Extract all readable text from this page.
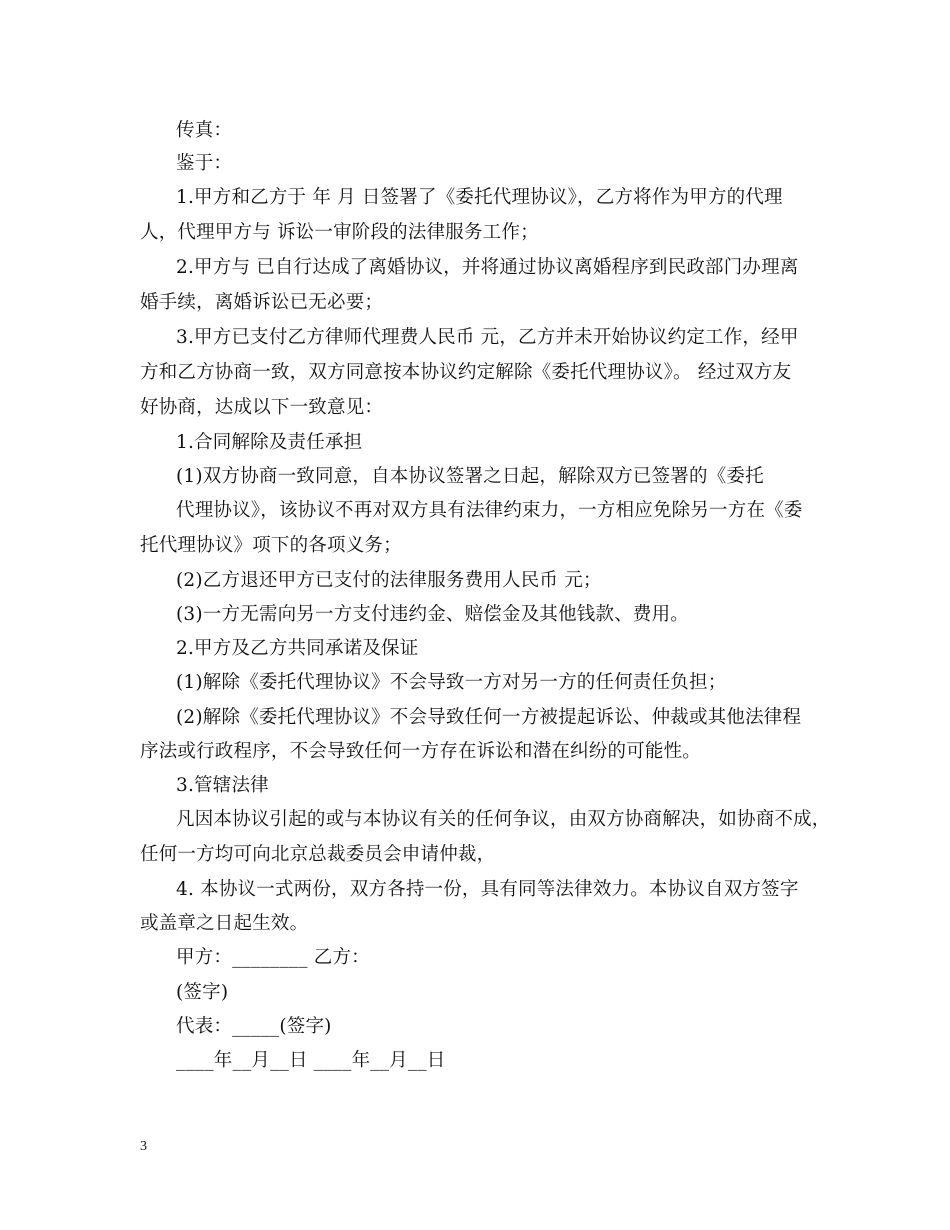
传真：
鉴于：
1.甲方和乙方于 年 月 日签署了《委托代理协议》，乙方将作为甲方的代理
人，代理甲方与 诉讼一审阶段的法律服务工作；
2.甲方与 已自行达成了离婚协议，并将通过协议离婚程序到民政部门办理离
婚手续，离婚诉讼已无必要；
3.甲方已支付乙方律师代理费人民币 元，乙方并未开始协议约定工作，经甲
方和乙方协商一致，双方同意按本协议约定解除《委托代理协议》。 经过双方友
好协商，达成以下一致意见：
1.合同解除及责任承担
(1)双方协商一致同意，自本协议签署之日起，解除双方已签署的《委托
代理协议》，该协议不再对双方具有法律约束力，一方相应免除另一方在《委
托代理协议》项下的各项义务；
(2)乙方退还甲方已支付的法律服务费用人民币 元；
(3)一方无需向另一方支付违约金、赔偿金及其他钱款、费用。
2.甲方及乙方共同承诺及保证
(1)解除《委托代理协议》不会导致一方对另一方的任何责任负担；
(2)解除《委托代理协议》不会导致任何一方被提起诉讼、仲裁或其他法律程
序法或行政程序，不会导致任何一方存在诉讼和潜在纠纷的可能性。
3.管辖法律
凡因本协议引起的或与本协议有关的任何争议，由双方协商解决，如协商不成，
任何一方均可向北京总裁委员会申请仲裁，
4. 本协议一式两份，双方各持一份，具有同等法律效力。本协议自双方签字
或盖章之日起生效。
甲方：________ 乙方：
(签字)
代表：_____(签字)
____年__月__日 ____年__月__日
3
